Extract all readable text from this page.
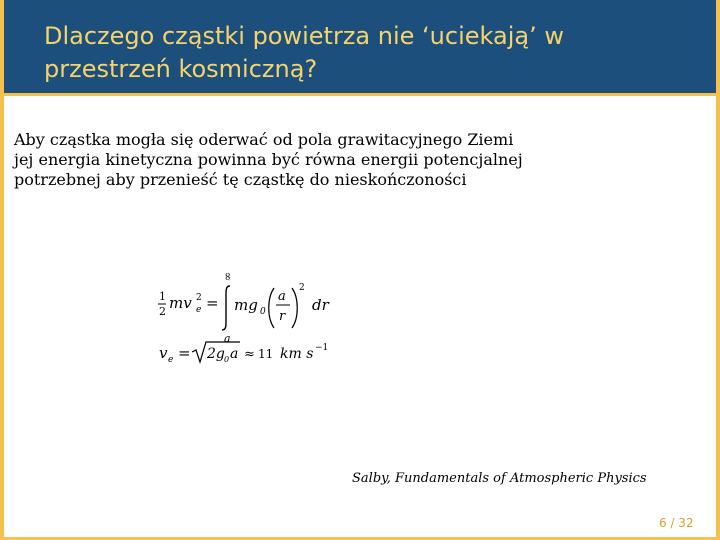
Dlaczego cząstki powietrza nie ‘uciekają’ w przestrzeń kosmiczną?

Aby cząstka mogła się oderwać od pola grawitacyjnego Ziemi jej energia kinetyczna powinna być równa energii potencjalnej potrzebnej aby przenieść tę cząstkę do nieskończoności

1
2 mv e
2 =
∞
a
mg 0
a
r
2
dr
v e = 2g 0 a ≈ 11 km s −1
Salby, Fundamentals of Atmospheric Physics
6 / 32
